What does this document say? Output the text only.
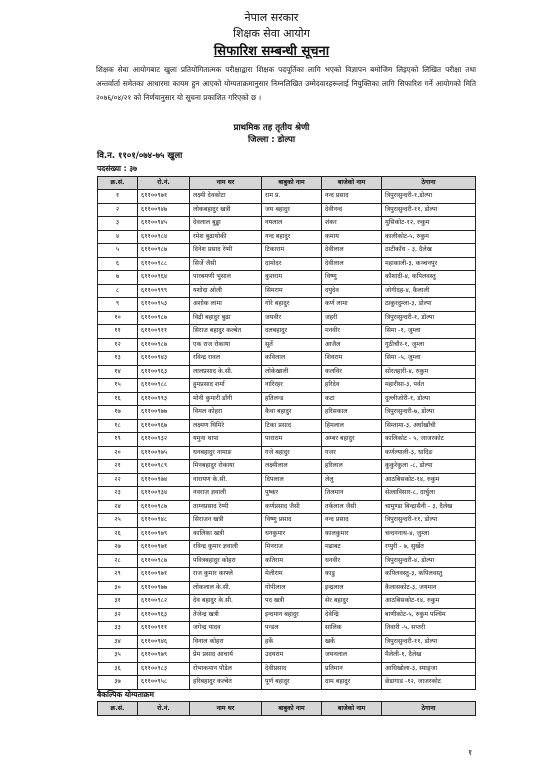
नेपाल सरकार
शिक्षक सेवा आयोग
सिफारिश सम्बन्धी सूचना
शिक्षक सेवा आयोगबाट खुला प्रतियोगितात्मक परीक्षाद्वारा शिक्षक पदपूर्तिका लागि भएको विज्ञापन बमोजिम लिइएको लिखित परीक्षा तथा अन्तर्वार्ता समेतका आधारमा कायम हुन आएको योग्यताक्रमानुसार निम्नलिखित उम्मेदवारहरूलाई नियुक्तिका लागि सिफारिश गर्ने आयोगको मिति २०७६/०४/२१ को निर्णयानुसार यो सूचना प्रकाशित गरिएको छ ।
प्राथमिक तह तृतीय श्रेणी
जिल्ला : डोल्पा
वि.न. ११०१/०७४-७५ खुला
पदसंख्या : ३७
क्र.सं.	रो.नं.	नाम थर	बाबुको नाम	बाजेको नाम	ठेगाना
१	६११००९७१	लक्ष्मी देवकोटा	राम प्र.	नन्द प्रसाद	त्रिपुरासुन्दरी-१,डोल्पा
२	६११००९४७	लोकबहादुर खत्री	जय बहादुर	देवीनन्द	त्रिपुरासुन्दरी-११, डोल्पा
३	६११००९४५	देवलाल बुढ्ढा	नयलाल	शंकर	मुसिकोट-१२, रुकुम
४	६११००९८४	रमेश बुढाथोकी	नन्द बहादुर	कमाय	कालीकोट-५, रुकुम
५	६११००९८७	दिनेश प्रसाद रेग्मी	टिकाराम	देवीलाल	ठाटीकाँध - ३, दैलेख
६	६११००९८८	सिर्जे जैसी	दामोदर	देवीलाल	महाकाली-३, कञ्चनपुर
७	६११००९६४	पारबमणी भुसाल	कुशराम	विष्णु	कौशादी-४, कपिलवस्तु
८	६११००९९९	यशोदा ओली	सिमराम	दयुदेव	जोगीदह-४, कैलाली
९	६११००९५३	अशोक लामा	गोरे बहादुर	कर्ण लामा	ठाकुरदुम्ला-३, डोल्पा
१०	६११००९८७	विद्री बहादुर बुढा	जयवीर	जहरी	त्रिपुरासुन्दरी-१, डोल्पा
११	६११००९११	सिराज बहादुर कल्बेत	दलबहादुर	मनवीर	सिमा -१, जुम्ला
१२	६११००९८७	एक राज रोकाया	सूर्ते	आजैल	गुठीचौर-१, जुम्ला
१३	६११००९४३	रविन्द्र रावल	कविलाल	शिवराम	सिमा -५, जुम्ला
१४	६११००९६३	लालप्रसाद के.सी.	लोकेखाली	कलविर	सोरतहारी-४, रुकुम
१५	६११००९८८	हुमप्रसाद शर्मा	नारिरहर	हरिदेव	महारीसा-३, पर्वत
१६	६११००९९३	मोनी कुमारी डाँगी	हतिलन्ड	कटा	दुल्लीजोरी-१, डोल्पा
१७	६११००९७७	विमल कोहरा	कैवा बहादुर	हरिसकाल	त्रिपुरासुन्दरी-७, डोल्पा
१८	६११००९६७	लक्ष्मण थिमिरे	टिका प्रसाद	हिमलाल	सिम्तामा-३, अर्घाखाँची
१९	६११००९३२	यमुना थापा	पाराराम	अम्बर बहादुर	कालिकोट - ५, जाजरकोट
२०	६११००९७५	धनबहादुर नामाङ	गजे बहादुर	गजर	कर्णल्याली-३, धादिङ
२१	६११००९८९	मिनबहादुर रोकाया	लक्ष्मीलाल	हरिलाल	कुकुरेकुला -८, डोल्पा
२२	६११००९७४	नारायण के.सी.	दिपलाल	लेलु	आठबिसकोट-१४, रुकुम
२३	६११००९३४	नवराज ज्ञवाली	पुष्कर	तिलमान	सेत्लाविसार-८, दार्चुला
२४	६११००९८७	ताम्नप्रसाद रेग्मी	कर्णप्रसाद जैसी	तर्कलाल जैसी	चामुण्डा बिन्द्रासैनी - ३, दैलेख
२५	६११००९४८	सिराजन खत्री	विष्णु प्रसाद	नन्द प्रसाद	त्रिपुरासुन्दरी-११, डोल्पा
२६	६११००९७९	कालिका खत्री	धनकुमार	कालकुमार	चन्दननाथ-४, जुम्ला
२७	६११००९७१	रविन्द्र कुमार ज्ञवाली	मिनराज	मढाबट	रप्पुरी - ७, सुर्खेत
२८	६११००९८७	पवित्रबहादुर कोहरा	कतिराम	धनवीर	त्रिपुरासुन्दरी-४, डोल्पा
२९	६११००९७१	राज कुमार काफ्ले	मेलीराम	काडु	कपिलवस्तु-३, कपिलवस्तु
३०	६११००९७७	लोकलाल के.सी.	गोपीलाल	इन्द्रलाल	कैलासकोट-३, जयमान
३१	६११००९८२	देव बहादुर के.सी.	पद खत्री	सेर बहादुर	आठबिसकोट-१४, रुकुम
३२	६११००९६३	तेजेन्द्र खत्री	इन्दमान बहादुर	देवेन्द्रि	बाणीकोट-५, रुकुम पश्चिम
३३	६११००९११	जगेन्द्र यादव	पन्डल	सालिक	तिवारी -५, सप्तरी
३४	६११००९४६	विनाल कोहरा	हर्के	खर्के	त्रिपुरासुन्दरी-११, डोल्पा
३५	६११००९७९	प्रेम प्रसाद आचार्य	उदयराम	जयनलाल	मैलेली-१, दैलेख
३६	६११००९८३	रोभाकमान पौडेल	देवीप्रसाद	प्रतिमान	आधिखोला-३, स्याङ्जा
३७	६११००९५८	हरिबहादुर कल्बेत	पूर्ण बहादुर	दाम बहादुर	छेडागाड -१२, जाजरकोट
बैकल्पिक योग्यताक्रम
क्र.सं.	रो.नं.	नाम थर	बाबुको नाम	बाजेको नाम	ठेगाना
१
